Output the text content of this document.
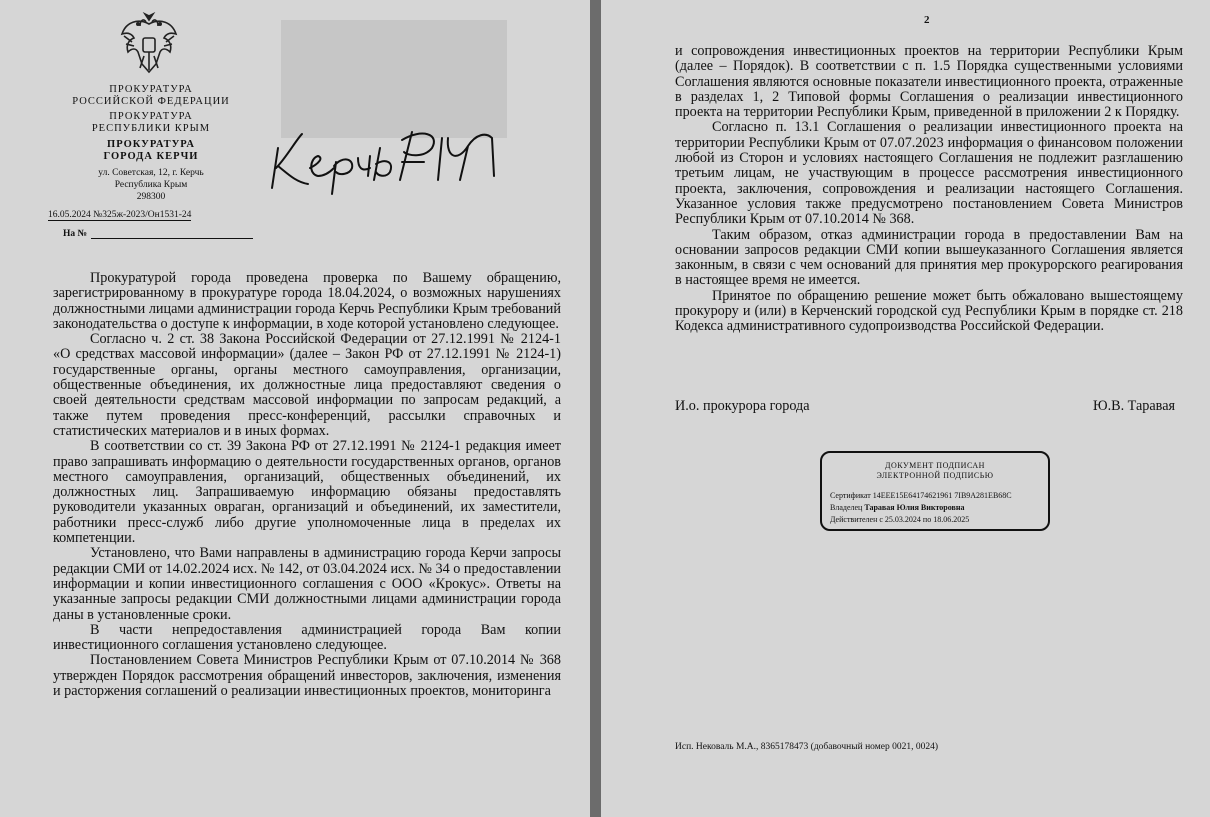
ПРОКУРАТУРА
РОССИЙСКОЙ ФЕДЕРАЦИИ
ПРОКУРАТУРА
РЕСПУБЛИКИ КРЫМ
ПРОКУРАТУРА
ГОРОДА КЕРЧИ
ул. Советская, 12, г. Керчь
Республика Крым
298300
16.05.2024 №325ж-2023/Он1531-24
На №

Прокуратурой города проведена проверка по Вашему обращению, зарегистрированному в прокуратуре города 18.04.2024, о возможных нарушениях должностными лицами администрации города Керчь Республики Крым требований законодательства о доступе к информации, в ходе которой установлено следующее.

Согласно ч. 2 ст. 38 Закона Российской Федерации от 27.12.1991 № 2124-1 «О средствах массовой информации» (далее – Закон РФ от 27.12.1991 № 2124-1) государственные органы, органы местного самоуправления, организации, общественные объединения, их должностные лица предоставляют сведения о своей деятельности средствам массовой информации по запросам редакций, а также путем проведения пресс-конференций, рассылки справочных и статистических материалов и в иных формах.

В соответствии со ст. 39 Закона РФ от 27.12.1991 № 2124-1 редакция имеет право запрашивать информацию о деятельности государственных органов, органов местного самоуправления, организаций, общественных объединений, их должностных лиц. Запрашиваемую информацию обязаны предоставлять руководители указанных овраган, организаций и объединений, их заместители, работники пресс-служб либо другие уполномоченные лица в пределах их компетенции.

Установлено, что Вами направлены в администрацию города Керчи запросы редакции СМИ от 14.02.2024 исх. № 142, от 03.04.2024 исх. № 34 о предоставлении информации и копии инвестиционного соглашения с ООО «Крокус». Ответы на указанные запросы редакции СМИ должностными лицами администрации города даны в установленные сроки.

В части непредоставления администрацией города Вам копии инвестиционного соглашения установлено следующее.

Постановлением Совета Министров Республики Крым от 07.10.2014 № 368 утвержден Порядок рассмотрения обращений инвесторов, заключения, изменения и расторжения соглашений о реализации инвестиционных проектов, мониторинга

2

и сопровождения инвестиционных проектов на территории Республики Крым (далее – Порядок). В соответствии с п. 1.5 Порядка существенными условиями Соглашения являются основные показатели инвестиционного проекта, отраженные в разделах 1, 2 Типовой формы Соглашения о реализации инвестиционного проекта на территории Республики Крым, приведенной в приложении 2 к Порядку.

Согласно п. 13.1 Соглашения о реализации инвестиционного проекта на территории Республики Крым от 07.07.2023 информация о финансовом положении любой из Сторон и условиях настоящего Соглашения не подлежит разглашению третьим лицам, не участвующим в процессе рассмотрения инвестиционного проекта, заключения, сопровождения и реализации настоящего Соглашения. Указанное условия также предусмотрено постановлением Совета Министров Республики Крым от 07.10.2014 № 368.

Таким образом, отказ администрации города в предоставлении Вам на основании запросов редакции СМИ копии вышеуказанного Соглашения является законным, в связи с чем оснований для принятия мер прокурорского реагирования в настоящее время не имеется.

Принятое по обращению решение может быть обжаловано вышестоящему прокурору и (или) в Керченский городской суд Республики Крым в порядке ст. 218 Кодекса административного судопроизводства Российской Федерации.

И.о. прокурора города	Ю.В. Таравая
ДОКУМЕНТ ПОДПИСАН
ЭЛЕКТРОННОЙ ПОДПИСЬЮ
Сертификат 14EEE15E64174621961 7IB9A281EB68C
Владелец Таравая Юлия Викторовна
Действителен с 25.03.2024 по 18.06.2025
Исп. Нековаль М.А., 8365178473 (добавочный номер 0021, 0024)
